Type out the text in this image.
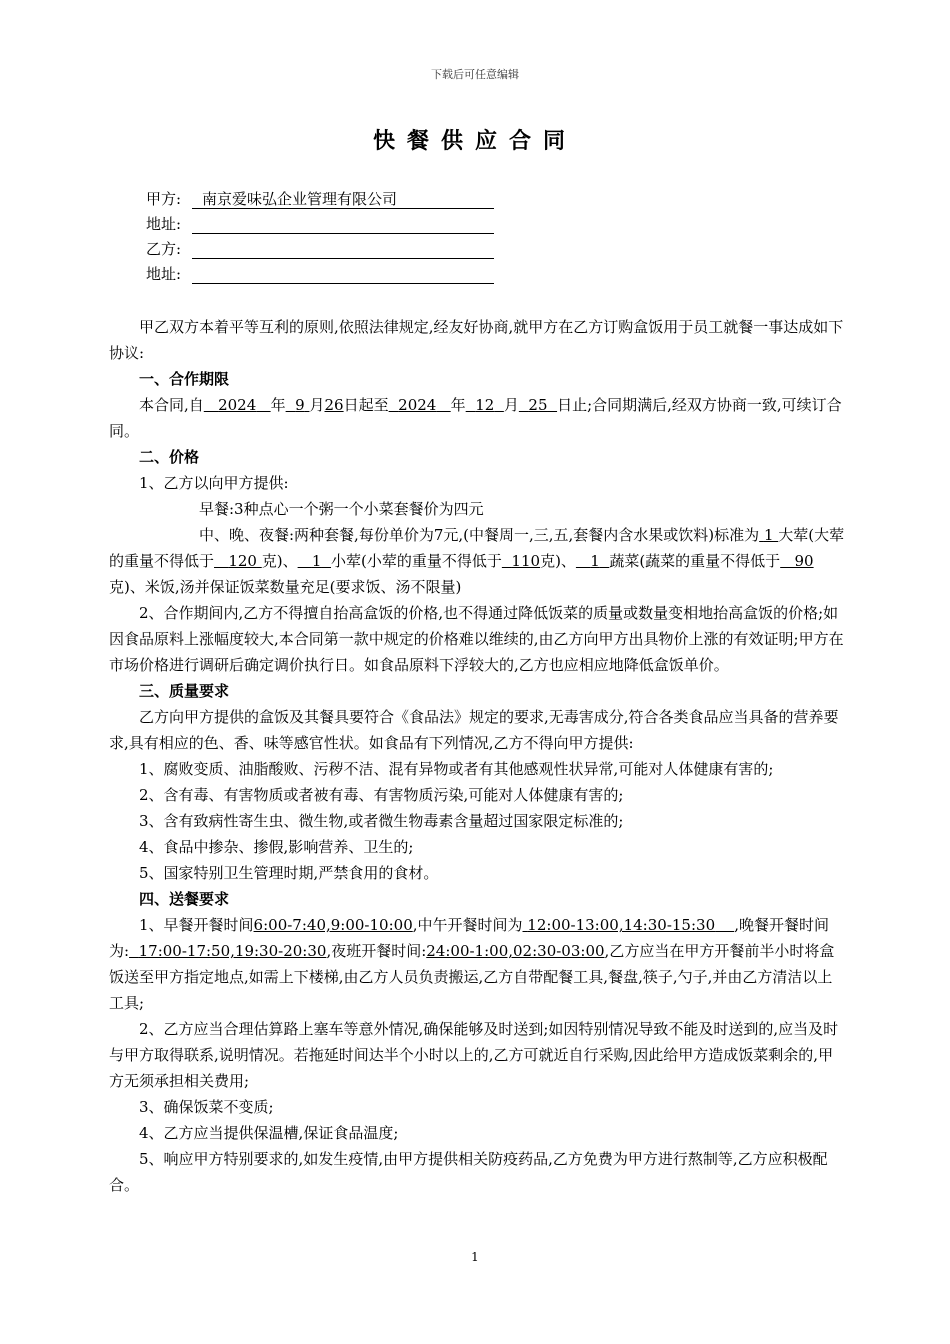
下载后可任意编辑
快餐供应合同
甲方:	南京爱味弘企业管理有限公司
地址:
乙方:
地址:

甲乙双方本着平等互利的原则,依照法律规定,经友好协商,就甲方在乙方订购盒饭用于员工就餐一事达成如下协议:

一、合作期限

本合同,自 2024 年 9 月26日起至 2024 年 12 月 25 日止;合同期满后,经双方协商一致,可续订合同。

二、价格

1、乙方以向甲方提供:

早餐:3种点心一个粥一个小菜套餐价为四元

中、晚、夜餐:两种套餐,每份单价为7元,(中餐周一,三,五,套餐内含水果或饮料)标准为 1 大荤(大荤的重量不得低于 120 克)、 1 小荤(小荤的重量不得低于 110克)、 1 蔬菜(蔬菜的重量不得低于 90克)、米饭,汤并保证饭菜数量充足(要求饭、汤不限量)

2、合作期间内,乙方不得擅自抬高盒饭的价格,也不得通过降低饭菜的质量或数量变相地抬高盒饭的价格;如因食品原料上涨幅度较大,本合同第一款中规定的价格难以维续的,由乙方向甲方出具物价上涨的有效证明;甲方在市场价格进行调研后确定调价执行日。如食品原料下浮较大的,乙方也应相应地降低盒饭单价。

三、质量要求

乙方向甲方提供的盒饭及其餐具要符合《食品法》规定的要求,无毒害成分,符合各类食品应当具备的营养要求,具有相应的色、香、味等感官性状。如食品有下列情况,乙方不得向甲方提供:

1、腐败变质、油脂酸败、污秽不洁、混有异物或者有其他感观性状异常,可能对人体健康有害的;

2、含有毒、有害物质或者被有毒、有害物质污染,可能对人体健康有害的;

3、含有致病性寄生虫、微生物,或者微生物毒素含量超过国家限定标准的;

4、食品中掺杂、掺假,影响营养、卫生的;

5、国家特别卫生管理时期,严禁食用的食材。

四、送餐要求

1、早餐开餐时间6:00-7:40,9:00-10:00,中午开餐时间为 12:00-13:00,14:30-15:30 ,晚餐开餐时间为: 17:00-17:50,19:30-20:30,夜班开餐时间:24:00-1:00,02:30-03:00,乙方应当在甲方开餐前半小时将盒饭送至甲方指定地点,如需上下楼梯,由乙方人员负责搬运,乙方自带配餐工具,餐盘,筷子,勺子,并由乙方清洁以上工具;

2、乙方应当合理估算路上塞车等意外情况,确保能够及时送到;如因特别情况导致不能及时送到的,应当及时与甲方取得联系,说明情况。若拖延时间达半个小时以上的,乙方可就近自行采购,因此给甲方造成饭菜剩余的,甲方无须承担相关费用;

3、确保饭菜不变质;

4、乙方应当提供保温槽,保证食品温度;

5、响应甲方特别要求的,如发生疫情,由甲方提供相关防疫药品,乙方免费为甲方进行熬制等,乙方应积极配合。

1
